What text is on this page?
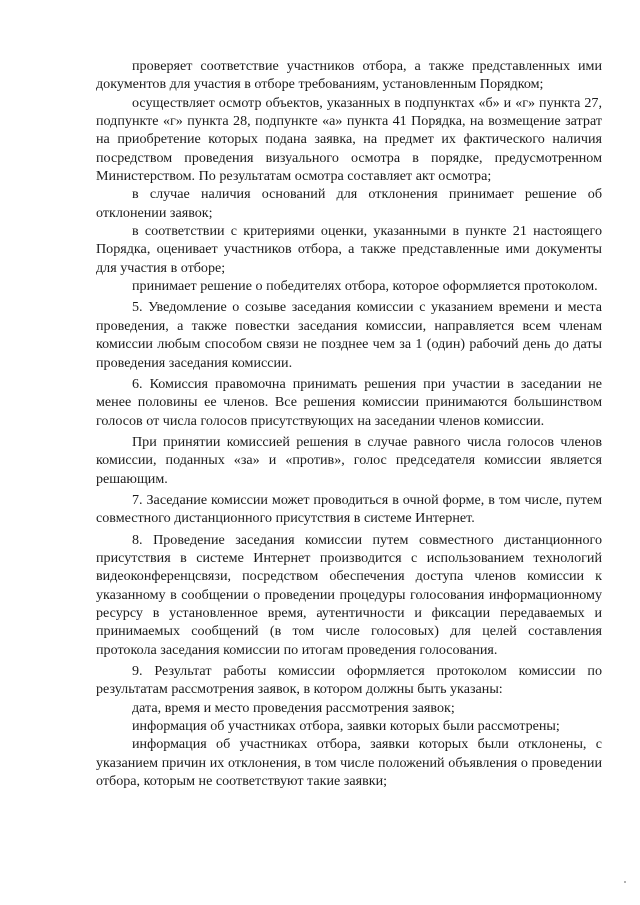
проверяет соответствие участников отбора, а также представленных ими документов для участия в отборе требованиям, установленным Порядком;

осуществляет осмотр объектов, указанных в подпунктах «б» и «г» пункта 27, подпункте «г» пункта 28, подпункте «а» пункта 41 Порядка, на возмещение затрат на приобретение которых подана заявка, на предмет их фактического наличия посредством проведения визуального осмотра в порядке, предусмотренном Министерством. По результатам осмотра составляет акт осмотра;

в случае наличия оснований для отклонения принимает решение об отклонении заявок;

в соответствии с критериями оценки, указанными в пункте 21 настоящего Порядка, оценивает участников отбора, а также представленные ими документы для участия в отборе;

принимает решение о победителях отбора, которое оформляется протоколом.

5. Уведомление о созыве заседания комиссии с указанием времени и места проведения, а также повестки заседания комиссии, направляется всем членам комиссии любым способом связи не позднее чем за 1 (один) рабочий день до даты проведения заседания комиссии.

6. Комиссия правомочна принимать решения при участии в заседании не менее половины ее членов. Все решения комиссии принимаются большинством голосов от числа голосов присутствующих на заседании членов комиссии.

При принятии комиссией решения в случае равного числа голосов членов комиссии, поданных «за» и «против», голос председателя комиссии является решающим.

7. Заседание комиссии может проводиться в очной форме, в том числе, путем совместного дистанционного присутствия в системе Интернет.

8. Проведение заседания комиссии путем совместного дистанционного присутствия в системе Интернет производится с использованием технологий видеоконференцсвязи, посредством обеспечения доступа членов комиссии к указанному в сообщении о проведении процедуры голосования информационному ресурсу в установленное время, аутентичности и фиксации передаваемых и принимаемых сообщений (в том числе голосовых) для целей составления протокола заседания комиссии по итогам проведения голосования.

9. Результат работы комиссии оформляется протоколом комиссии по результатам рассмотрения заявок, в котором должны быть указаны:

дата, время и место проведения рассмотрения заявок;

информация об участниках отбора, заявки которых были рассмотрены;

информация об участниках отбора, заявки которых были отклонены, с указанием причин их отклонения, в том числе положений объявления о проведении отбора, которым не соответствуют такие заявки;
